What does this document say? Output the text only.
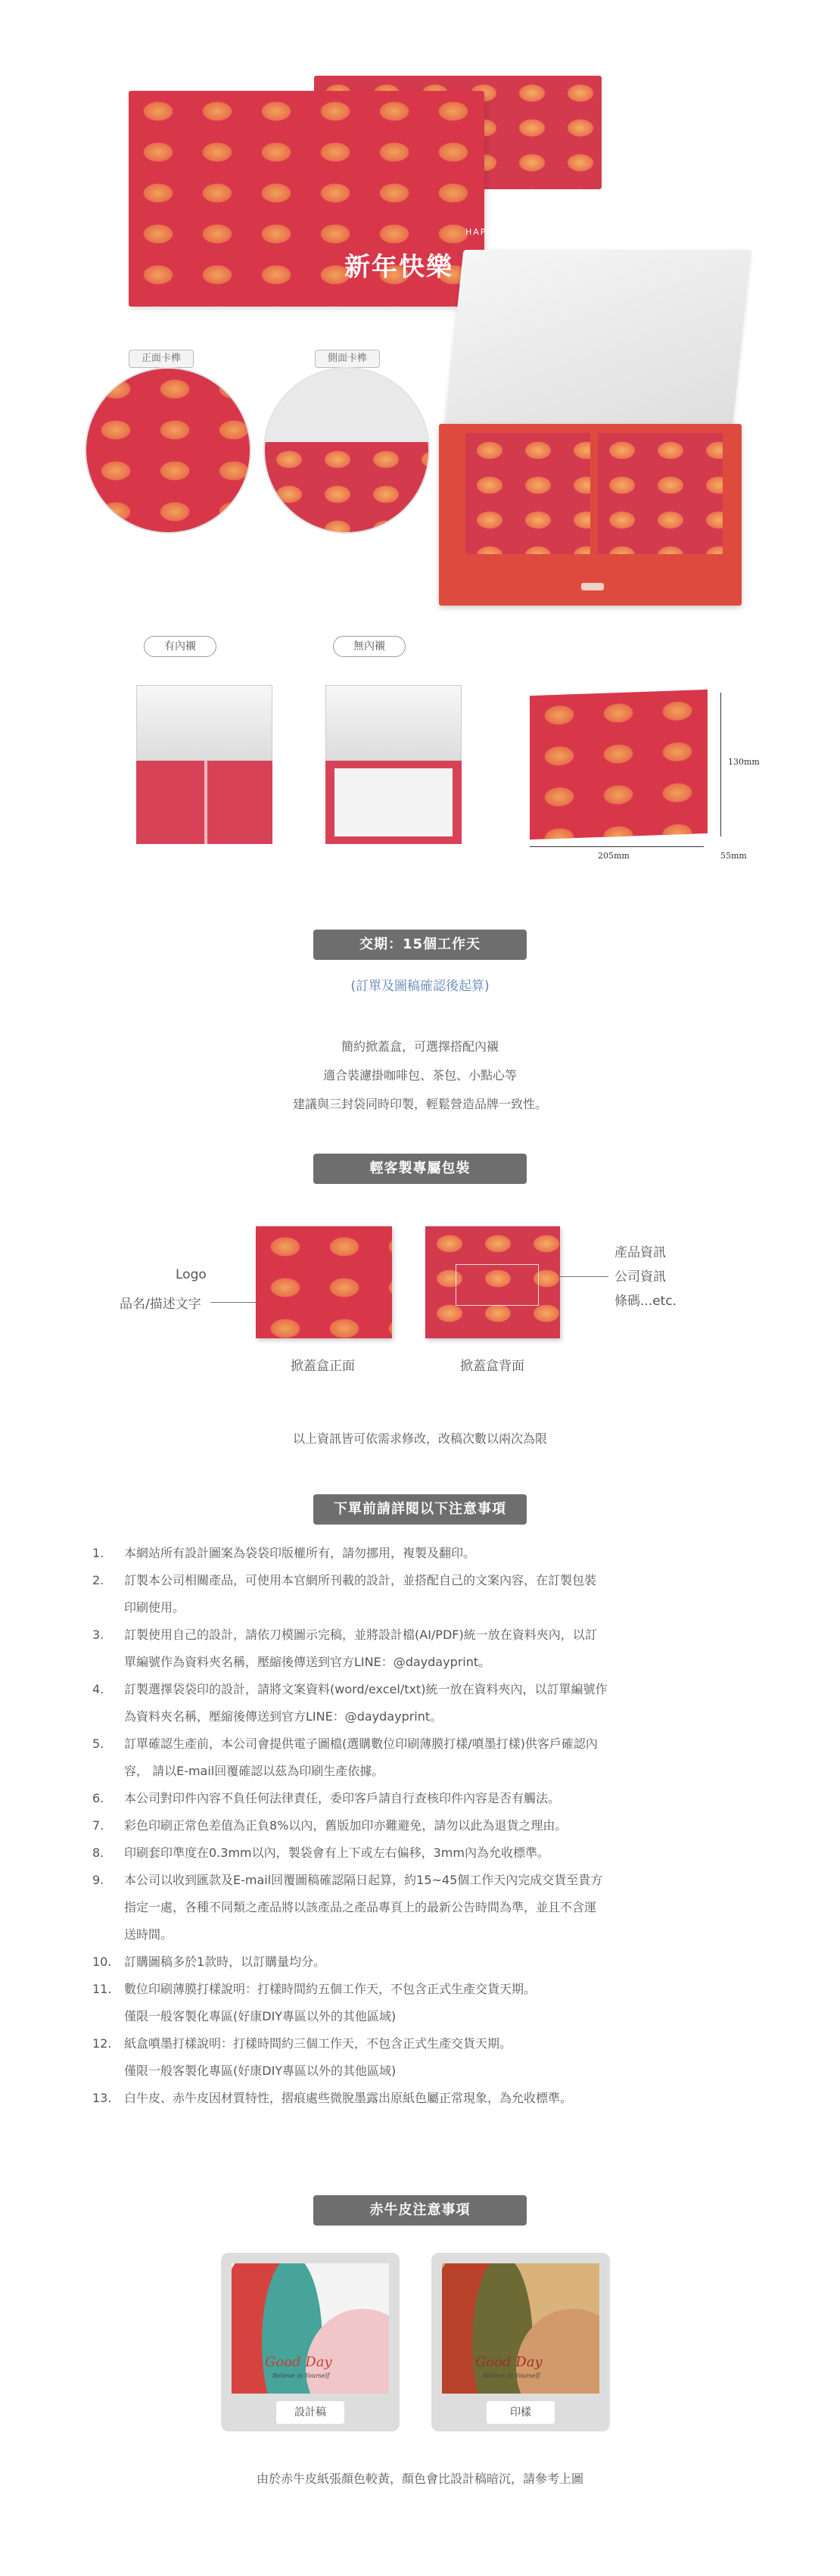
HAPPY NEW YEAR
新年快樂
正面卡榫	側面卡榫
有內襯	無內襯
130mm
205mm	55mm
交期：15個工作天
(訂單及圖稿確認後起算)
簡約掀蓋盒，可選擇搭配內襯
適合裝濾掛咖啡包、茶包、小點心等
建議與三封袋同時印製，輕鬆營造品牌一致性。
輕客製專屬包裝
Logo
品名/描述文字
產品資訊
公司資訊
條碼...etc.
掀蓋盒正面	掀蓋盒背面
以上資訊皆可依需求修改，改稿次數以兩次為限
下單前請詳閱以下注意事項
1.	本網站所有設計圖案為袋袋印版權所有，請勿挪用，複製及翻印。
2.	訂製本公司相關產品，可使用本官網所刊載的設計，並搭配自己的文案內容，在訂製包裝
印刷使用。
3.	訂製使用自己的設計，請依刀模圖示完稿，並將設計檔(AI/PDF)統一放在資料夾內，以訂
單編號作為資料夾名稱，壓縮後傳送到官方LINE：@daydayprint。
4.	訂製選擇袋袋印的設計，請將文案資料(word/excel/txt)統一放在資料夾內，以訂單編號作
為資料夾名稱，壓縮後傳送到官方LINE：@daydayprint。
5.	訂單確認生產前，本公司會提供電子圖檔(選購數位印刷薄膜打樣/噴墨打樣)供客戶確認內
容， 請以E-mail回覆確認以茲為印刷生產依據。
6.	本公司對印件內容不負任何法律責任，委印客戶請自行查核印件內容是否有觸法。
7.	彩色印刷正常色差值為正負8%以內，舊版加印亦難避免，請勿以此為退貨之理由。
8.	印刷套印準度在0.3mm以內，製袋會有上下或左右偏移，3mm內為允收標準。
9.	本公司以收到匯款及E-mail回覆圖稿確認隔日起算，約15~45個工作天內完成交貨至貴方
指定一處，各種不同類之產品將以該產品之產品專頁上的最新公告時間為準，並且不含運
送時間。
10.	訂購圖稿多於1款時，以訂購量均分。
11.	數位印刷薄膜打樣說明：打樣時間約五個工作天，不包含正式生產交貨天期。
僅限一般客製化專區(好康DIY專區以外的其他區域)
12.	紙盒噴墨打樣說明：打樣時間約三個工作天，不包含正式生產交貨天期。
僅限一般客製化專區(好康DIY專區以外的其他區域)
13.	白牛皮、赤牛皮因材質特性，摺痕處些微脫墨露出原紙色屬正常現象，為允收標準。
赤牛皮注意事項
Good Day
Believe in Yourself
設計稿
Good Day
Believe in Yourself
印樣
由於赤牛皮紙張顏色較黃，顏色會比設計稿暗沉，請參考上圖
